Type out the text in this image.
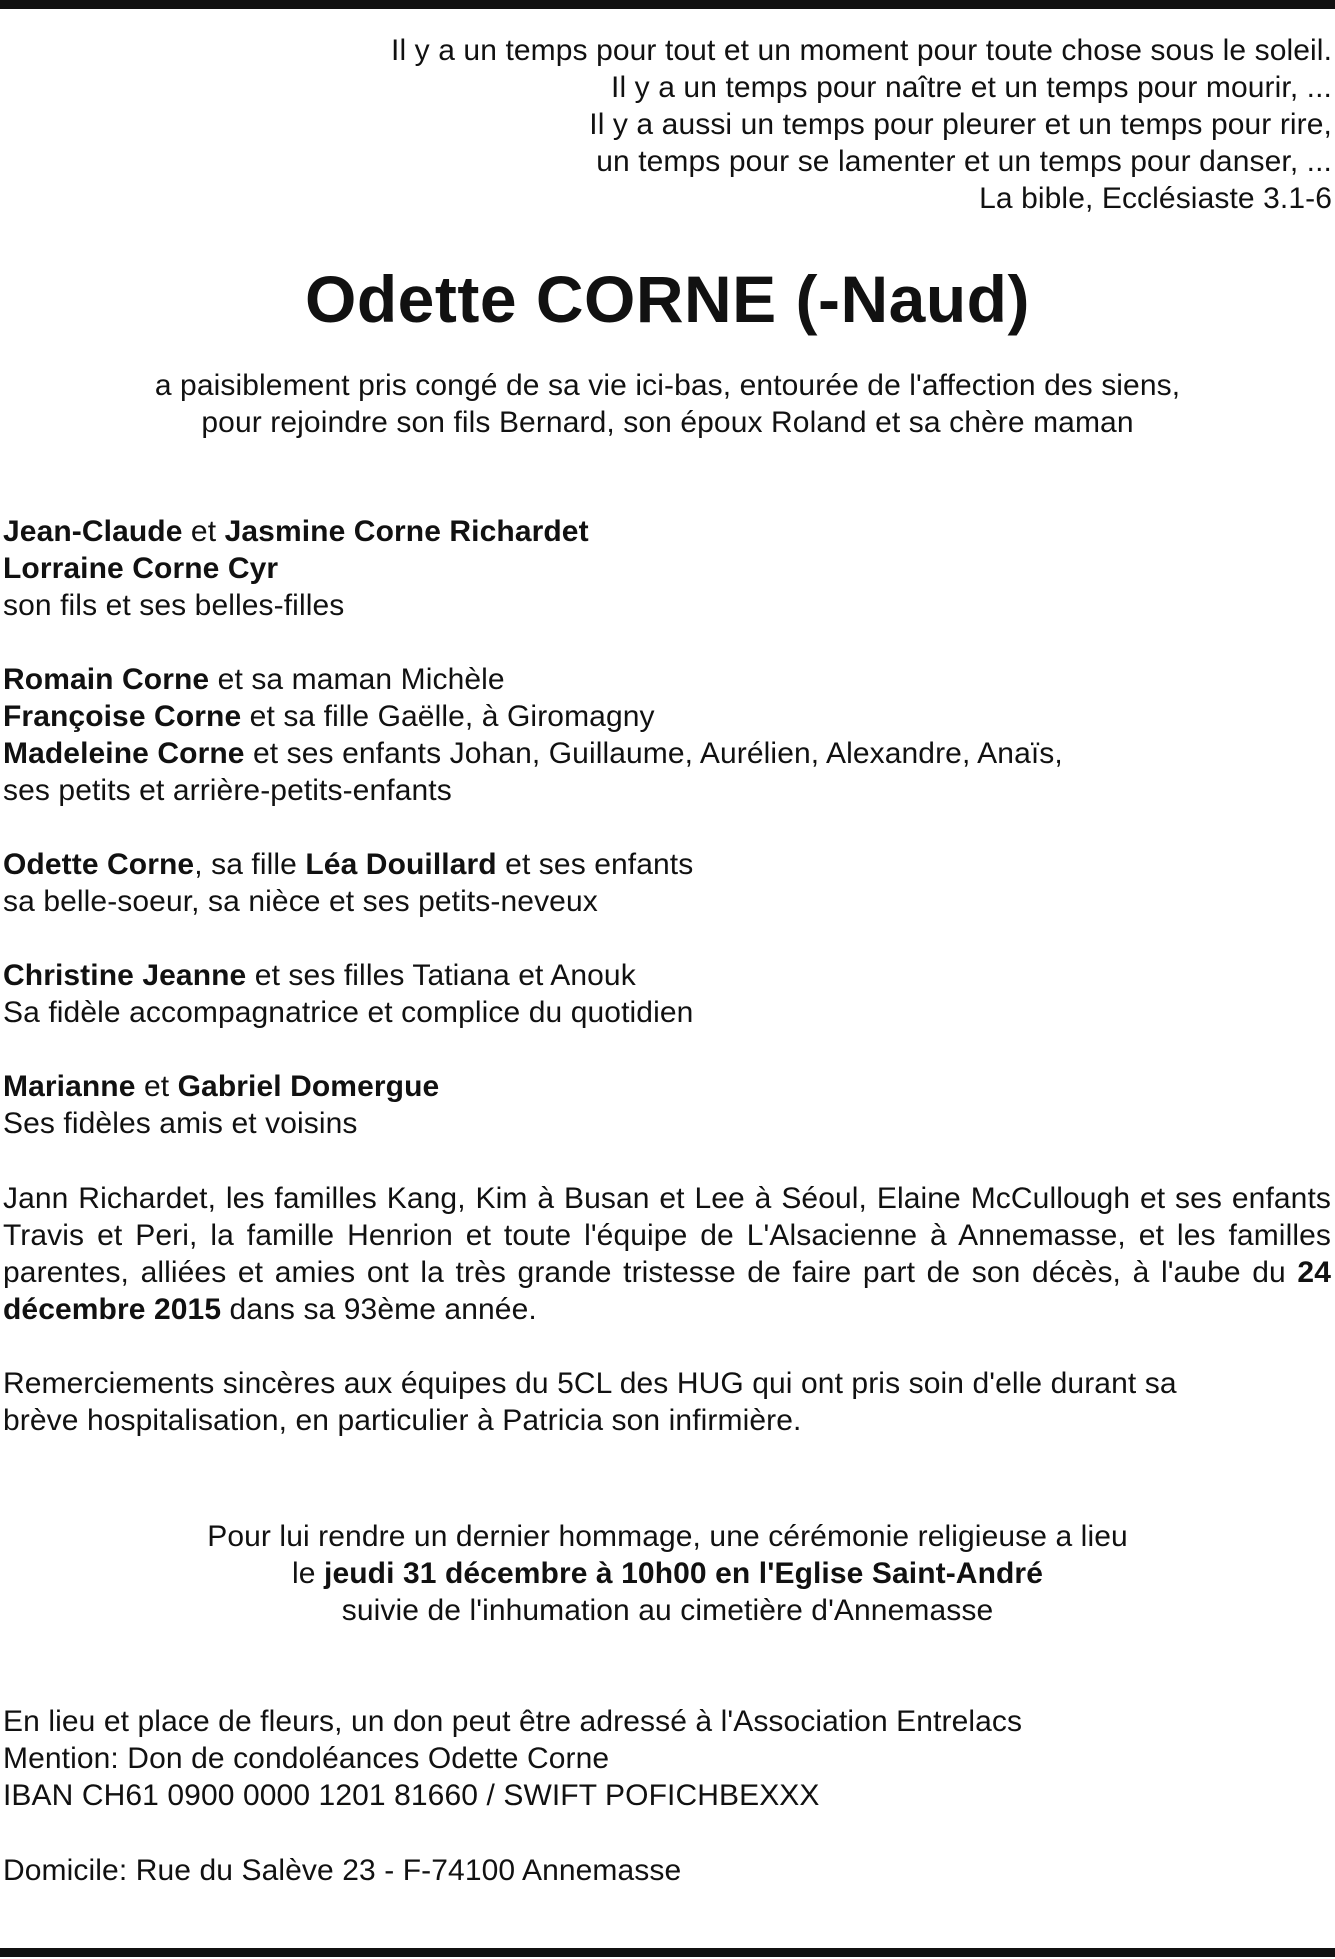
Il y a un temps pour tout et un moment pour toute chose sous le soleil.
Il y a un temps pour naître et un temps pour mourir, ...
Il y a aussi un temps pour pleurer et un temps pour rire,
un temps pour se lamenter et un temps pour danser, ...
La bible, Ecclésiaste 3.1-6
Odette CORNE (-Naud)
a paisiblement pris congé de sa vie ici-bas, entourée de l'affection des siens,
pour rejoindre son fils Bernard, son époux Roland et sa chère maman
Jean-Claude et Jasmine Corne Richardet
Lorraine Corne Cyr
son fils et ses belles-filles
Romain Corne et sa maman Michèle
Françoise Corne et sa fille Gaëlle, à Giromagny
Madeleine Corne et ses enfants Johan, Guillaume, Aurélien, Alexandre, Anaïs,
ses petits et arrière-petits-enfants
Odette Corne, sa fille Léa Douillard et ses enfants
sa belle-soeur, sa nièce et ses petits-neveux
Christine Jeanne et ses filles Tatiana et Anouk
Sa fidèle accompagnatrice et complice du quotidien
Marianne et Gabriel Domergue
Ses fidèles amis et voisins
Jann Richardet, les familles Kang, Kim à Busan et Lee à Séoul, Elaine McCullough et ses enfants Travis et Peri, la famille Henrion et toute l'équipe de L'Alsacienne à Annemasse, et les familles parentes, alliées et amies ont la très grande tristesse de faire part de son décès, à l'aube du 24 décembre 2015 dans sa 93ème année.
Remerciements sincères aux équipes du 5CL des HUG qui ont pris soin d'elle durant sa
brève hospitalisation, en particulier à Patricia son infirmière.
Pour lui rendre un dernier hommage, une cérémonie religieuse a lieu
le jeudi 31 décembre à 10h00 en l'Eglise Saint-André
suivie de l'inhumation au cimetière d'Annemasse
En lieu et place de fleurs, un don peut être adressé à l'Association Entrelacs
Mention: Don de condoléances Odette Corne
IBAN CH61 0900 0000 1201 81660 / SWIFT POFICHBEXXX
Domicile: Rue du Salève 23 - F-74100 Annemasse
